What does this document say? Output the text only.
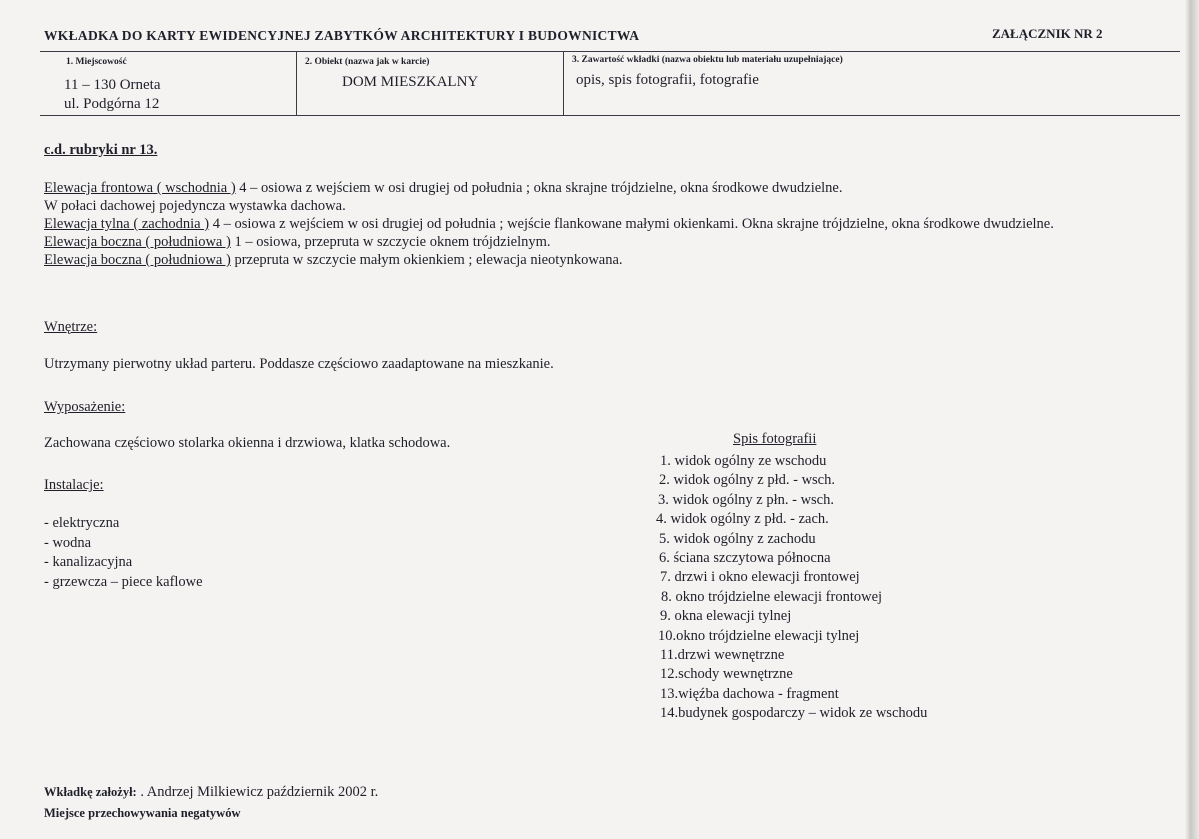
WKŁADKA DO KARTY EWIDENCYJNEJ ZABYTKÓW ARCHITEKTURY I BUDOWNICTWA	ZAŁĄCZNIK NR 2
1. Miejscowość
11 – 130 Orneta
ul. Podgórna 12
2. Obiekt (nazwa jak w karcie)
DOM MIESZKALNY
3. Zawartość wkładki (nazwa obiektu lub materiału uzupełniające)
opis, spis fotografii, fotografie
c.d. rubryki nr 13.
Elewacja frontowa ( wschodnia ) 4 – osiowa z wejściem w osi drugiej od południa ; okna skrajne trójdzielne, okna środkowe dwudzielne.
W połaci dachowej pojedyncza wystawka dachowa.
Elewacja tylna ( zachodnia ) 4 – osiowa z wejściem w osi drugiej od południa ; wejście flankowane małymi okienkami. Okna skrajne trójdzielne, okna środkowe dwudzielne.
Elewacja boczna ( południowa ) 1 – osiowa, przepruta w szczycie oknem trójdzielnym.
Elewacja boczna ( południowa ) przepruta w szczycie małym okienkiem ; elewacja nieotynkowana.
Wnętrze:
Utrzymany pierwotny układ parteru. Poddasze częściowo zaadaptowane na mieszkanie.
Wyposażenie:
Zachowana częściowo stolarka okienna i drzwiowa, klatka schodowa.
Instalacje:
- elektryczna
- wodna
- kanalizacyjna
- grzewcza – piece kaflowe
Spis fotografii
1. widok ogólny ze wschodu
2. widok ogólny z płd. - wsch.
3. widok ogólny z płn. - wsch.
4. widok ogólny z płd. - zach.
5. widok ogólny z zachodu
6. ściana szczytowa północna
7. drzwi i okno elewacji frontowej
8. okno trójdzielne elewacji frontowej
9. okna elewacji tylnej
10.okno trójdzielne elewacji tylnej
11.drzwi wewnętrzne
12.schody wewnętrzne
13.więźba dachowa - fragment
14.budynek gospodarczy – widok ze wschodu
Wkładkę założył: . Andrzej Milkiewicz październik 2002 r.
Miejsce przechowywania negatywów
